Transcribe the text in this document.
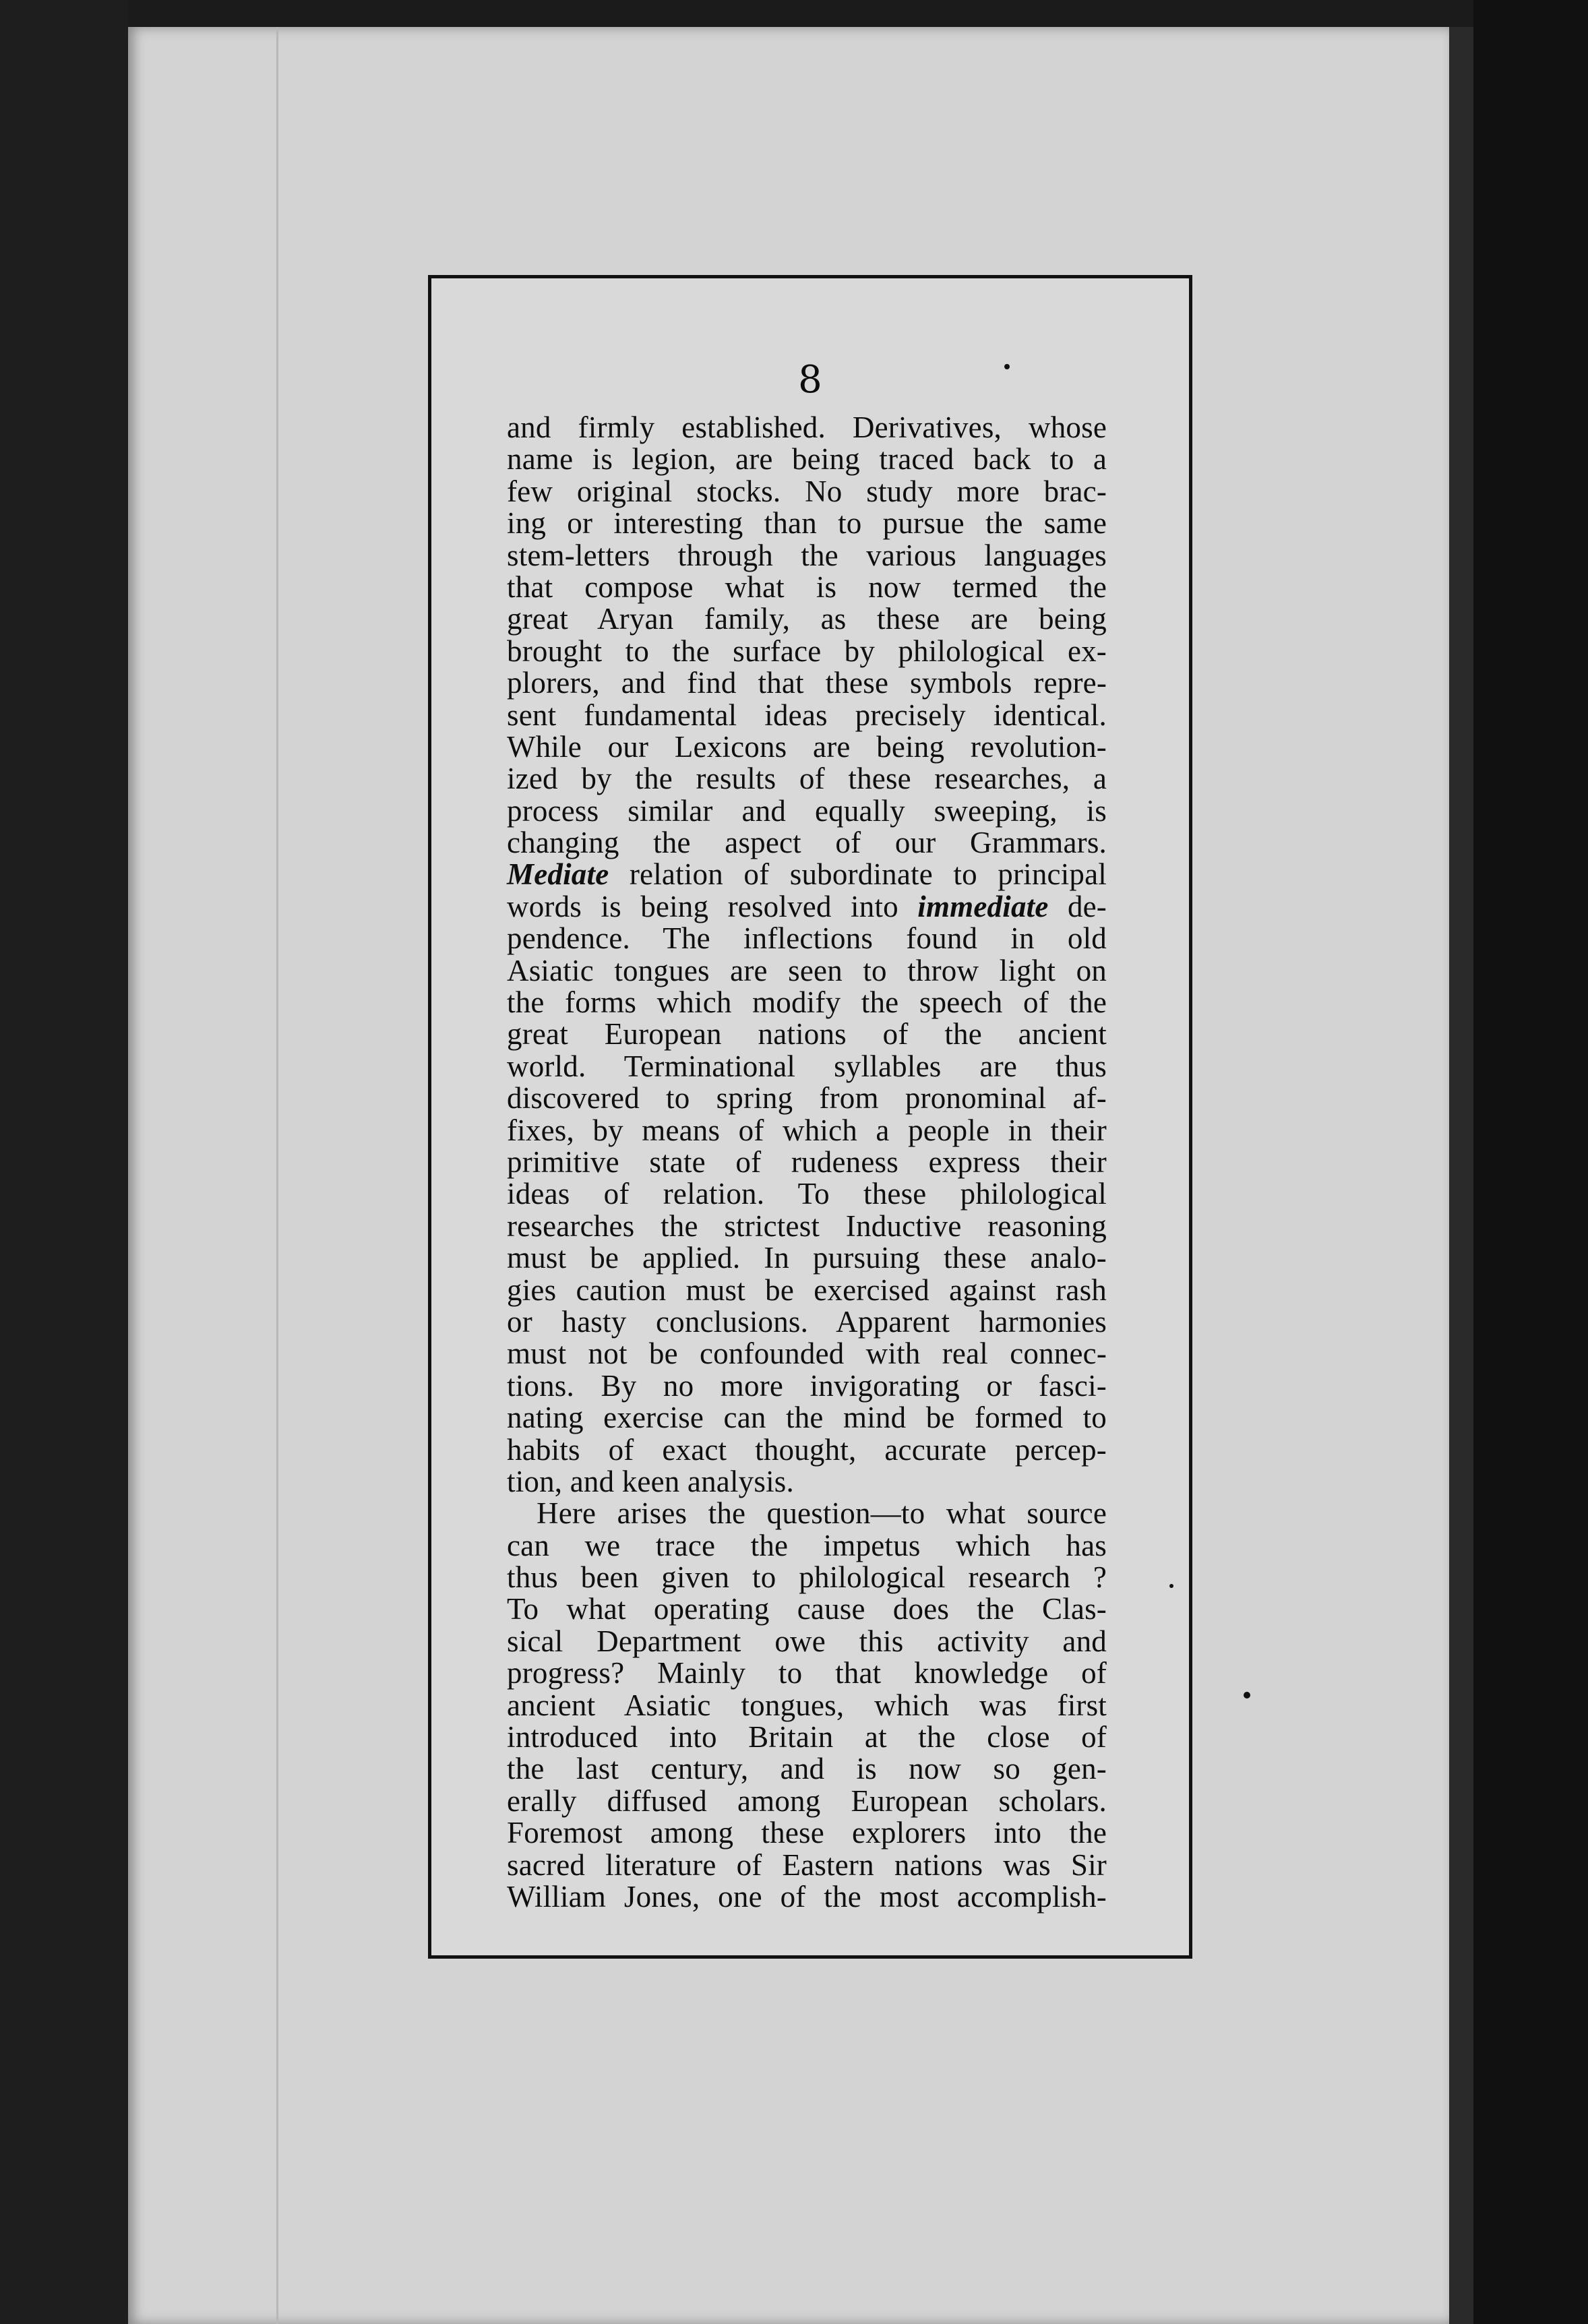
8
and firmly established. Derivatives, whose
name is legion, are being traced back to a
few original stocks. No study more brac-
ing or interesting than to pursue the same
stem-letters through the various languages
that compose what is now termed the
great Aryan family, as these are being
brought to the surface by philological ex-
plorers, and find that these symbols repre-
sent fundamental ideas precisely identical.
While our Lexicons are being revolution-
ized by the results of these researches, a
process similar and equally sweeping, is
changing the aspect of our Grammars.
Mediate relation of subordinate to principal
words is being resolved into immediate de-
pendence. The inflections found in old
Asiatic tongues are seen to throw light on
the forms which modify the speech of the
great European nations of the ancient
world. Terminational syllables are thus
discovered to spring from pronominal af-
fixes, by means of which a people in their
primitive state of rudeness express their
ideas of relation. To these philological
researches the strictest Inductive reasoning
must be applied. In pursuing these analo-
gies caution must be exercised against rash
or hasty conclusions. Apparent harmonies
must not be confounded with real connec-
tions. By no more invigorating or fasci-
nating exercise can the mind be formed to
habits of exact thought, accurate percep-
tion, and keen analysis.
Here arises the question—to what source
can we trace the impetus which has
thus been given to philological research ?
To what operating cause does the Clas-
sical Department owe this activity and
progress? Mainly to that knowledge of
ancient Asiatic tongues, which was first
introduced into Britain at the close of
the last century, and is now so gen-
erally diffused among European scholars.
Foremost among these explorers into the
sacred literature of Eastern nations was Sir
William Jones, one of the most accomplish-
